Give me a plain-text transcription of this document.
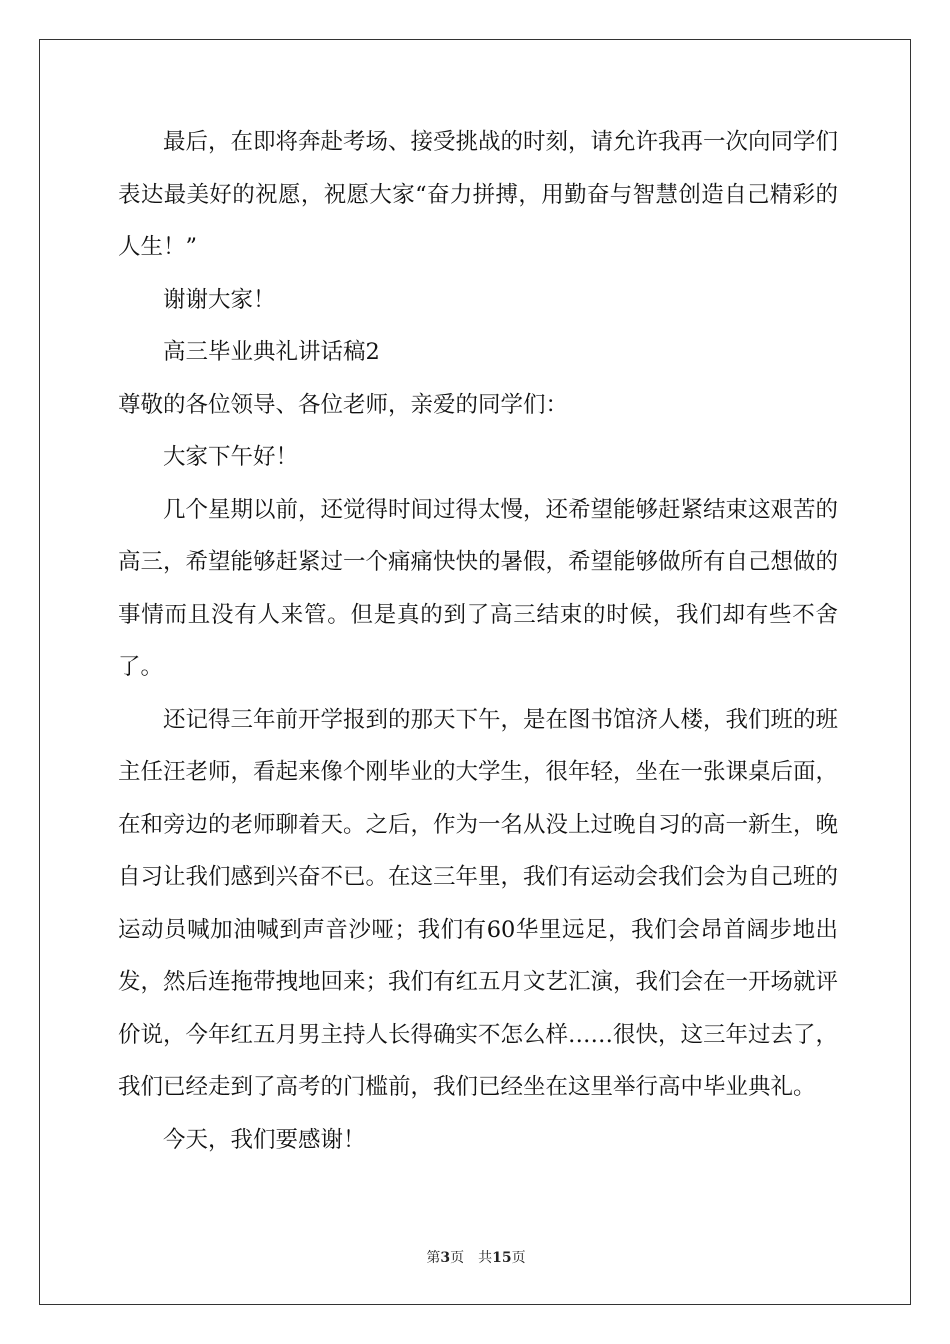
最后，在即将奔赴考场、接受挑战的时刻，请允许我再一次向同学们表达最美好的祝愿，祝愿大家“奋力拼搏，用勤奋与智慧创造自己精彩的人生！”

谢谢大家！

高三毕业典礼讲话稿2

尊敬的各位领导、各位老师，亲爱的同学们：

大家下午好！

几个星期以前，还觉得时间过得太慢，还希望能够赶紧结束这艰苦的高三，希望能够赶紧过一个痛痛快快的暑假，希望能够做所有自己想做的事情而且没有人来管。但是真的到了高三结束的时候，我们却有些不舍了。

还记得三年前开学报到的那天下午，是在图书馆济人楼，我们班的班主任汪老师，看起来像个刚毕业的大学生，很年轻，坐在一张课桌后面，在和旁边的老师聊着天。之后，作为一名从没上过晚自习的高一新生，晚自习让我们感到兴奋不已。在这三年里，我们有运动会我们会为自己班的运动员喊加油喊到声音沙哑；我们有60华里远足，我们会昂首阔步地出发，然后连拖带拽地回来；我们有红五月文艺汇演，我们会在一开场就评价说，今年红五月男主持人长得确实不怎么样……很快，这三年过去了，我们已经走到了高考的门槛前，我们已经坐在这里举行高中毕业典礼。

今天，我们要感谢！

第3页 共15页
